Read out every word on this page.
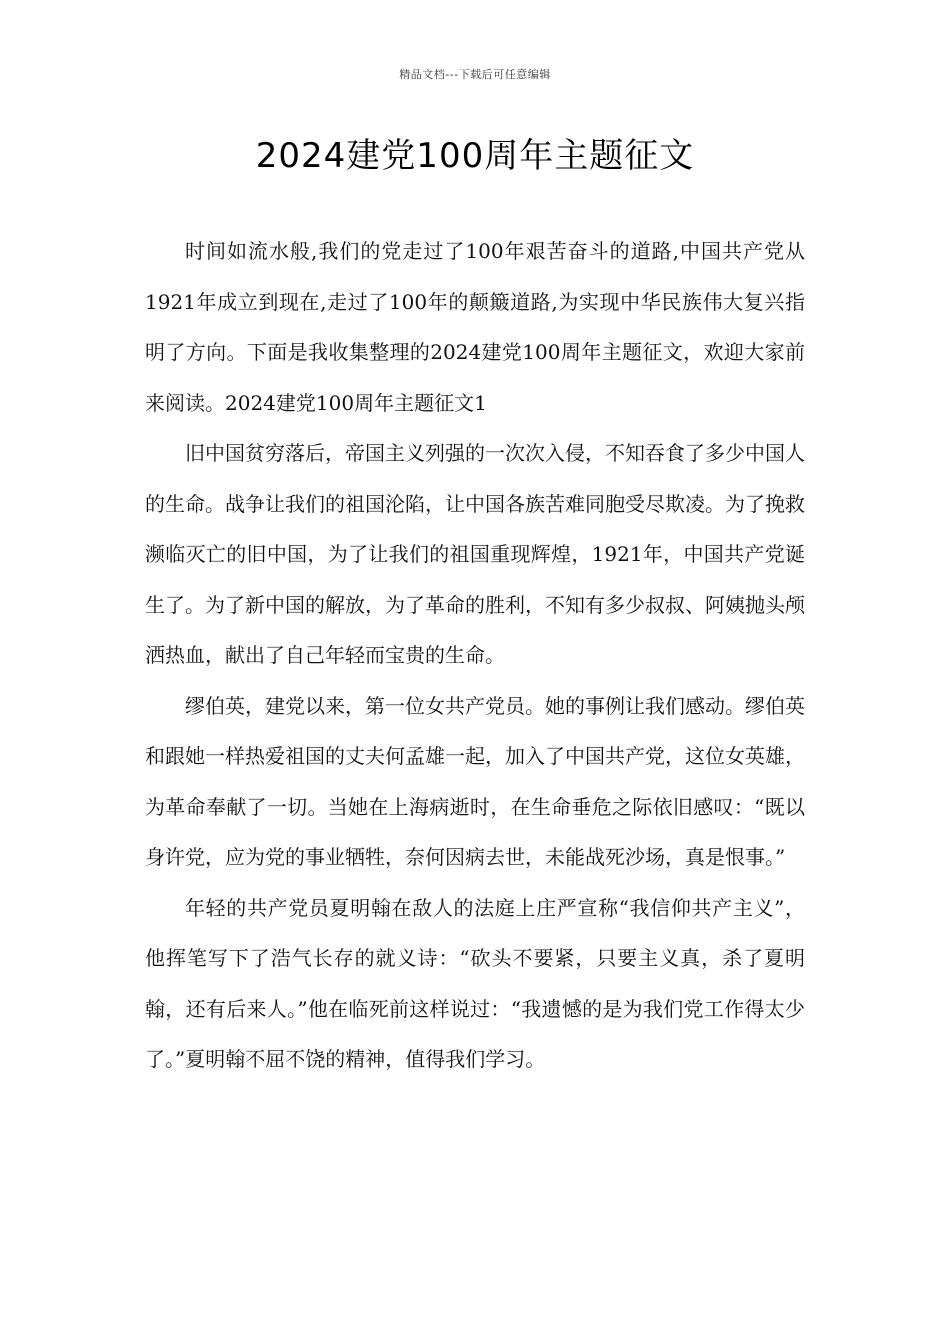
精品文档---下载后可任意编辑
2024建党100周年主题征文

时间如流水般,我们的党走过了100年艰苦奋斗的道路,中国共产党从1921年成立到现在,走过了100年的颠簸道路,为实现中华民族伟大复兴指明了方向。下面是我收集整理的2024建党100周年主题征文，欢迎大家前来阅读。2024建党100周年主题征文1

旧中国贫穷落后，帝国主义列强的一次次入侵，不知吞食了多少中国人的生命。战争让我们的祖国沦陷，让中国各族苦难同胞受尽欺凌。为了挽救濒临灭亡的旧中国，为了让我们的祖国重现辉煌，1921年，中国共产党诞生了。为了新中国的解放，为了革命的胜利，不知有多少叔叔、阿姨抛头颅洒热血，献出了自己年轻而宝贵的生命。

缪伯英，建党以来，第一位女共产党员。她的事例让我们感动。缪伯英和跟她一样热爱祖国的丈夫何孟雄一起，加入了中国共产党，这位女英雄，为革命奉献了一切。当她在上海病逝时，在生命垂危之际依旧感叹：“既以身许党，应为党的事业牺牲，奈何因病去世，未能战死沙场，真是恨事。”

年轻的共产党员夏明翰在敌人的法庭上庄严宣称“我信仰共产主义”，他挥笔写下了浩气长存的就义诗：“砍头不要紧，只要主义真，杀了夏明翰，还有后来人。”他在临死前这样说过：“我遗憾的是为我们党工作得太少了。”夏明翰不屈不饶的精神，值得我们学习。
